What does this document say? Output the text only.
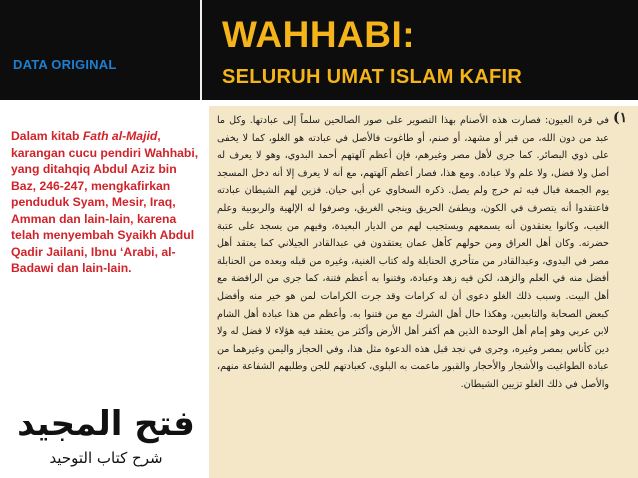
DATA ORIGINAL
WAHHABI:
SELURUH UMAT ISLAM KAFIR

Dalam kitab Fath al-Majid, karangan cucu pendiri Wahhabi, yang ditahqiq Abdul Aziz bin Baz, 246-247, mengkafirkan penduduk Syam, Mesir, Iraq, Amman dan lain-lain, karena telah menyembah Syaikh Abdul Qadir Jailani, Ibnu ‘Arabi, al-Badawi dan lain-lain.

فتح المجيد
شرح كتاب التوحيد
(١

في قرة العيون: فصارت هذه الأصنام بهذا التصوير على صور الصالحين سلماً إلى عبادتها. وكل ما عبد من دون الله، من قبر أو مشهد، أو صنم، أو طاغوت فالأصل في عبادته هو الغلو، كما لا يخفى على ذوي البصائر. كما جرى لأهل مصر وغيرهم، فإن أعظم آلهتهم أحمد البدوي، وهو لا يعرف له أصل ولا فضل، ولا علم ولا عبادة. ومع هذا، فصار أعظم آلهتهم، مع أنه لا يعرف إلا أنه دخل المسجد يوم الجمعة فبال فيه ثم خرج ولم يصل. ذكره السخاوي عن أبي حيان. فزين لهم الشيطان عبادته فاعتقدوا أنه يتصرف في الكون، ويطفئ الحريق وينجي الغريق، وصرفوا له الإلهية والربوبية وعلم الغيب، وكانوا يعتقدون أنه يسمعهم ويستجيب لهم من الديار البعيدة، وفيهم من يسجد على عتبة حضرته. وكان أهل العراق ومن حولهم كأهل عمان يعتقدون في عبدالقادر الجيلاني كما يعتقد أهل مصر في البدوي، وعبدالقادر من متأخري الحنابلة وله كتاب الغنية، وغيره من قبله وبعده من الحنابلة أفضل منه في العلم والزهد، لكن فيه زهد وعبادة، وفتنوا به أعظم فتنة، كما جرى من الرافضة مع أهل البيت. وسبب ذلك الغلو دعوى أن له كرامات وقد جرت الكرامات لمن هو خير منه وأفضل كبعض الصحابة والتابعين، وهكذا حال أهل الشرك مع من فتنوا به. وأعظم من هذا عبادة أهل الشام لابن عربي وهو إمام أهل الوحدة الذين هم أكفر أهل الأرض وأكثر من يعتقد فيه هؤلاء لا فضل له ولا دين كأناس بمصر وغيره، وجرى في نجد قبل هذه الدعوة مثل هذا، وفي الحجاز واليمن وغيرهما من عبادة الطواغيت والأشجار والأحجار والقبور ماعمت به البلوى، كعبادتهم للجن وطلبهم الشفاعة منهم، والأصل في ذلك الغلو تزيين الشيطان.
